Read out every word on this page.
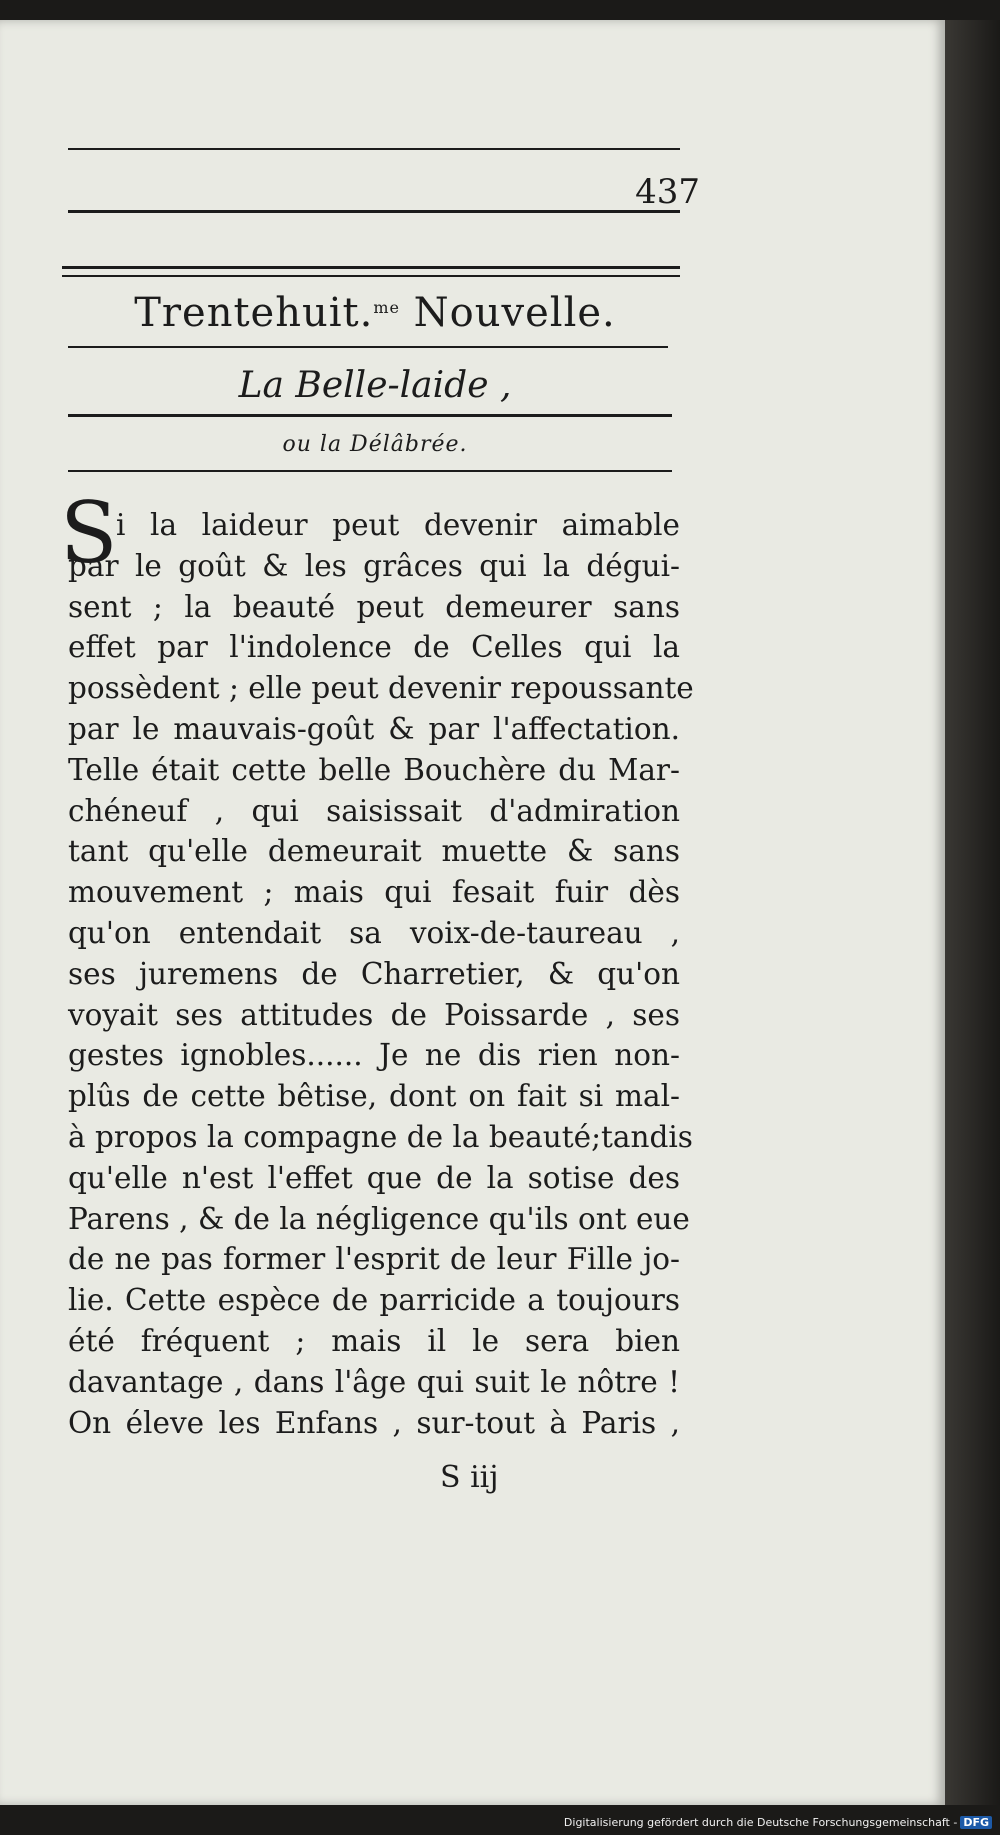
437
Trentehuit.$^{me}$ Nouvelle.
La Belle-laide ,
ou la Délâbrée.
S
i la laideur peut devenir aimable
par le goût & les grâces qui la dégui-
sent ; la beauté peut demeurer sans
effet par l'indolence de Celles qui la
possèdent ; elle peut devenir repoussante
par le mauvais-goût & par l'affectation.
Telle était cette belle Bouchère du Mar-
chéneuf , qui saisissait d'admiration
tant qu'elle demeurait muette & sans
mouvement ; mais qui fesait fuir dès
qu'on entendait sa voix-de-taureau ,
ses juremens de Charretier, & qu'on
voyait ses attitudes de Poissarde , ses
gestes ignobles...... Je ne dis rien non-
plûs de cette bêtise, dont on fait si mal-
à propos la compagne de la beauté;tandis
qu'elle n'est l'effet que de la sotise des
Parens , & de la négligence qu'ils ont eue
de ne pas former l'esprit de leur Fille jo-
lie. Cette espèce de parricide a toujours
été fréquent ; mais il le sera bien
davantage , dans l'âge qui suit le nôtre !
On éleve les Enfans , sur-tout à Paris ,
S iij
Digitalisierung gefördert durch die Deutsche Forschungsgemeinschaft - DFG
